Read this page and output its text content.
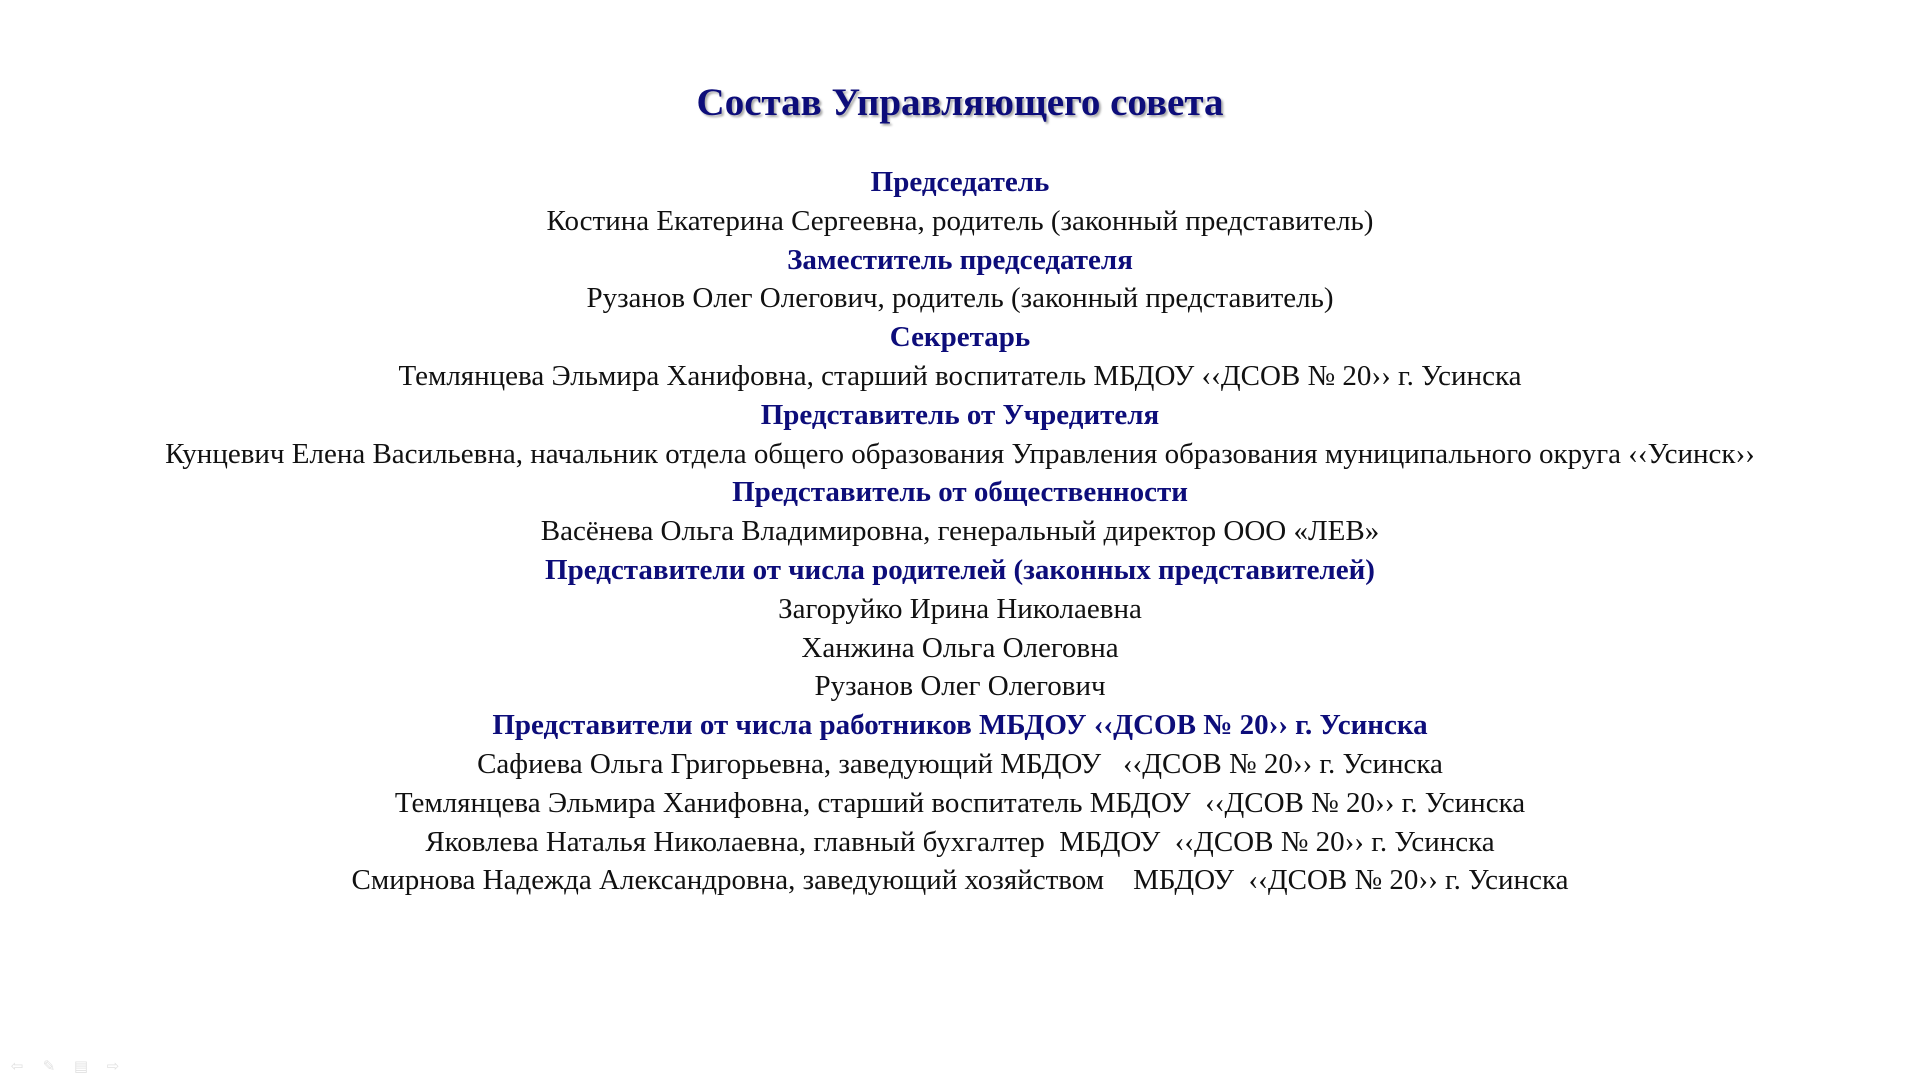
Состав Управляющего совета
Председатель
Костина Екатерина Сергеевна, родитель (законный представитель)
Заместитель председателя
Рузанов Олег Олегович, родитель (законный представитель)
Секретарь
Темлянцева Эльмира Ханифовна, старший воспитатель МБДОУ ‹‹ДСОВ № 20›› г. Усинска
Представитель от Учредителя
Кунцевич Елена Васильевна, начальник отдела общего образования Управления образования муниципального округа ‹‹Усинск››
Представитель от общественности
Васёнева Ольга Владимировна, генеральный директор ООО «ЛЕВ»
Представители от числа родителей (законных представителей)
Загоруйко Ирина Николаевна
Ханжина Ольга Олеговна
Рузанов Олег Олегович
Представители от числа работников МБДОУ ‹‹ДСОВ № 20›› г. Усинска
Сафиева Ольга Григорьевна, заведующий МБДОУ   ‹‹ДСОВ № 20›› г. Усинска
Темлянцева Эльмира Ханифовна, старший воспитатель МБДОУ  ‹‹ДСОВ № 20›› г. Усинска
Яковлева Наталья Николаевна, главный бухгалтер  МБДОУ  ‹‹ДСОВ № 20›› г. Усинска
Смирнова Надежда Александровна, заведующий хозяйством    МБДОУ  ‹‹ДСОВ № 20›› г. Усинска
⇦	✎	▤	⇨
